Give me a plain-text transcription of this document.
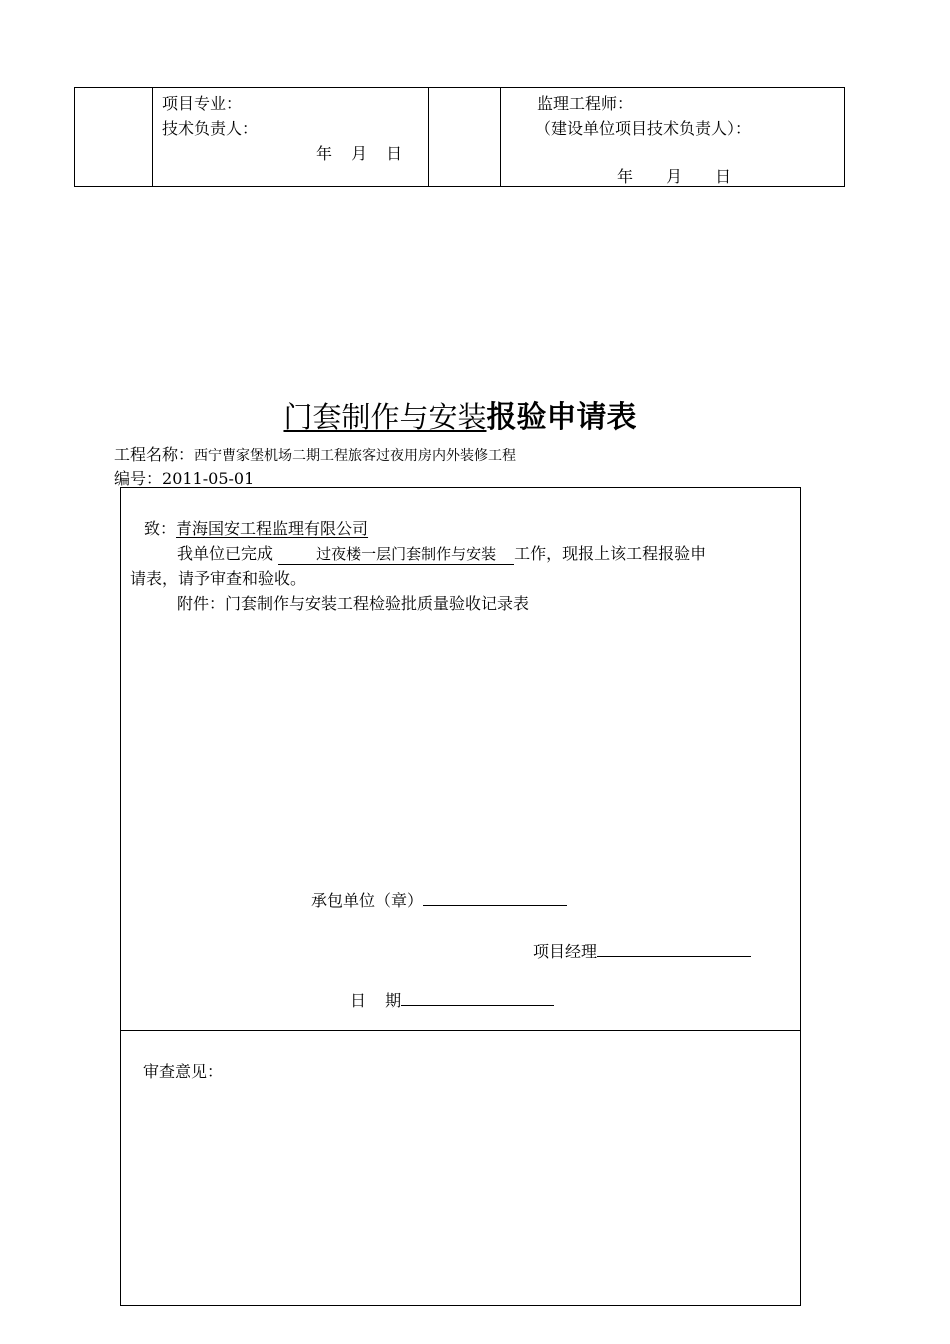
项目专业：
技术负责人：
年 月 日
监理工程师：
（建设单位项目技术负责人）：
年 月 日
门套制作与安装报验申请表
工程名称：西宁曹家堡机场二期工程旅客过夜用房内外装修工程
编号：2011-05-01
致：青海国安工程监理有限公司
我单位已完成	过夜楼一层门套制作与安装 工作，现报上该工程报验申
请表，请予审查和验收。
附件：门套制作与安装工程检验批质量验收记录表
承包单位（章）
项目经理
日 期
审查意见：
